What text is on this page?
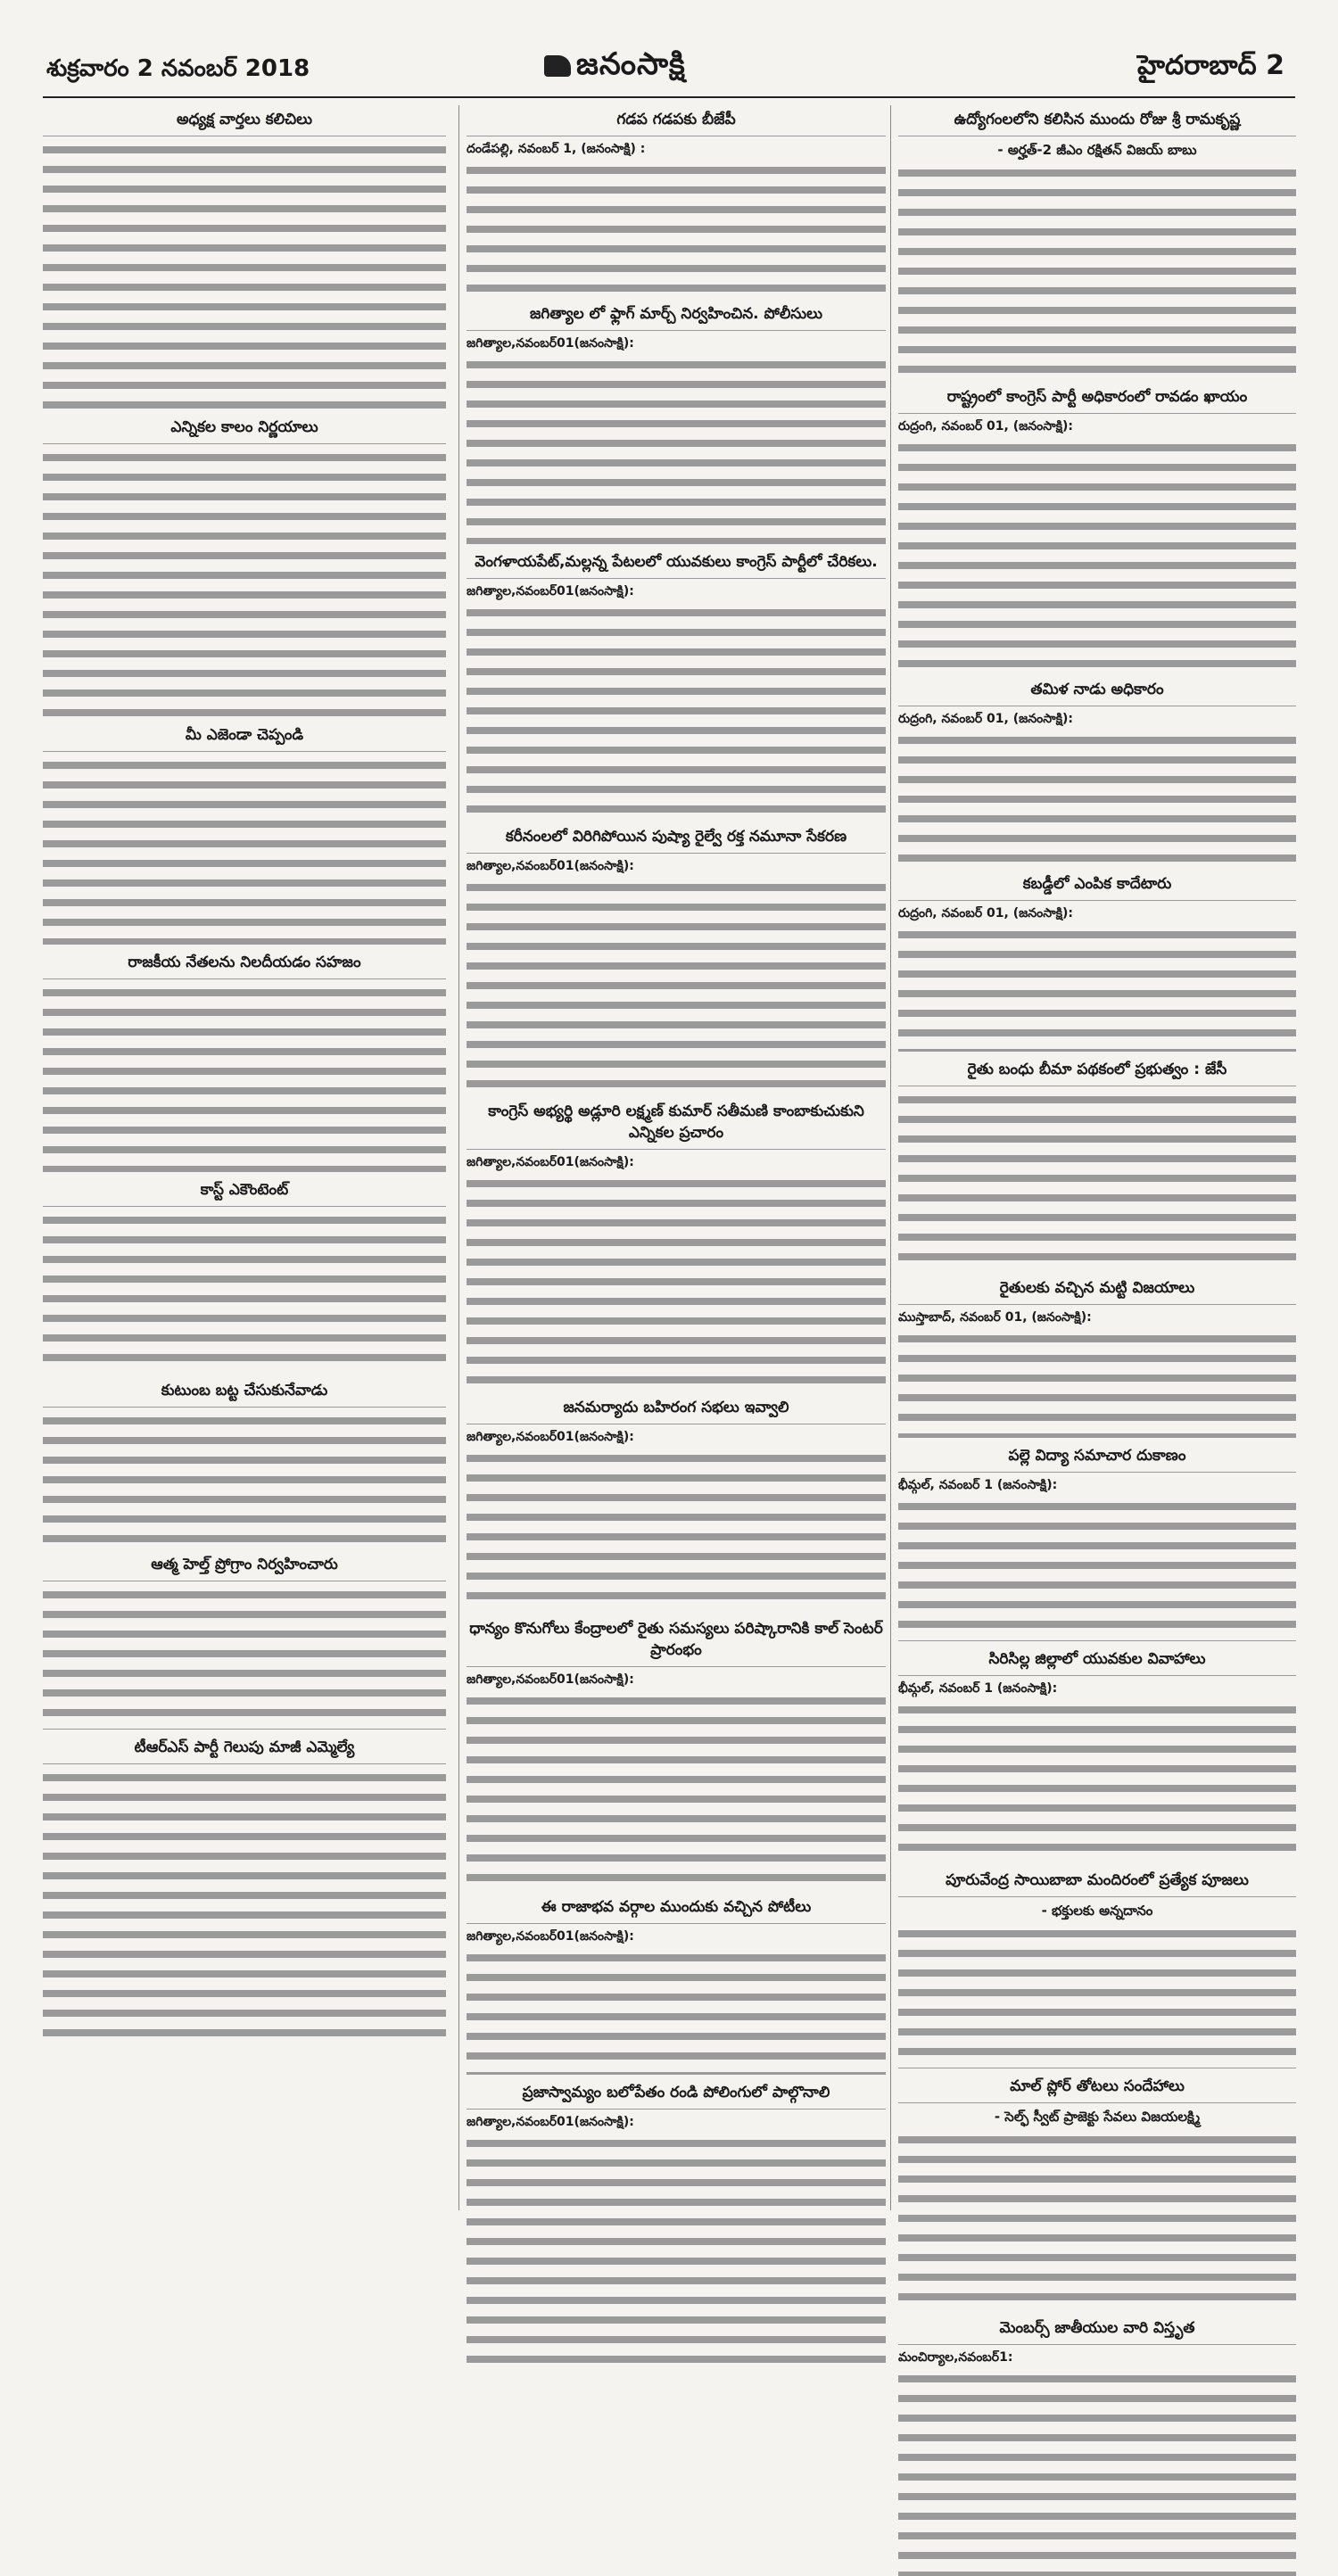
శుక్రవారం 2 నవంబర్ 2018	జనంసాక్షి	హైదరాబాద్ 2
అధ్యక్ష వార్తలు కలిచిలు
ఎన్నికల కాలం నిర్ణయాలు
మీ ఎజెండా చెప్పండి
రాజకీయ నేతలను నిలదీయడం సహజం
కాస్ట్ ఎకౌంటెంట్
కుటుంబ బట్ట చేసుకునేవాడు
ఆత్మ హెల్త్ ప్రోగ్రాం నిర్వహించారు
టీఆర్ఎస్ పార్టీ గెలుపు మాజీ ఎమ్మెల్యే
గడప గడపకు బీజేపీ
దండేపల్లి, నవంబర్ 1, (జనంసాక్షి) :
జగిత్యాల లో ఫ్లాగ్ మార్చ్ నిర్వహించిన. పోలీసులు
జగిత్యాల,నవంబర్01(జనంసాక్షి):
వెంగళాయపేట్,మల్లన్న పేటలలో యువకులు కాంగ్రెస్ పార్టీలో చేరికలు.
జగిత్యాల,నవంబర్01(జనంసాక్షి):
కరీనంలలో విరిగిపోయిన పుష్యా రైల్వే రక్త నమూనా సేకరణ
జగిత్యాల,నవంబర్01(జనంసాక్షి):
కాంగ్రెస్ అభ్యర్థి అడ్లూరి లక్ష్మణ్ కుమార్ సతీమణి కాంబాకుచుకుని ఎన్నికల ప్రచారం
జగిత్యాల,నవంబర్01(జనంసాక్షి):
జనమర్యాదు బహిరంగ సభలు ఇవ్వాలి
జగిత్యాల,నవంబర్01(జనంసాక్షి):
ధాన్యం కొనుగోలు కేంద్రాలలో రైతు సమస్యలు పరిష్కారానికి కాల్ సెంటర్ ప్రారంభం
జగిత్యాల,నవంబర్01(జనంసాక్షి):
ఈ రాజాభవ వర్గాల ముందుకు వచ్చిన పోటీలు
జగిత్యాల,నవంబర్01(జనంసాక్షి):
ప్రజాస్వామ్యం బలోపేతం రండి పోలింగులో పాల్గొనాలి
జగిత్యాల,నవంబర్01(జనంసాక్షి):
ఉద్యోగంలలోని కలిసిన ముందు రోజు శ్రీ రామకృష్ణ
- అర్హత్-2 జీఎం రక్షితన్ విజయ్ బాబు
రాష్ట్రంలో కాంగ్రెస్ పార్టీ అధికారంలో రావడం ఖాయం
రుద్రంగి, నవంబర్ 01, (జనంసాక్షి):
తమిళ నాడు అధికారం
రుద్రంగి, నవంబర్ 01, (జనంసాక్షి):
కబడ్డీలో ఎంపిక కాదేటారు
రుద్రంగి, నవంబర్ 01, (జనంసాక్షి):
రైతు బంధు బీమా పథకంలో ప్రభుత్వం : జేసీ
రైతులకు వచ్చిన మట్టి విజయాలు
ముస్తాబాద్, నవంబర్ 01, (జనంసాక్షి):
పల్లె విద్యా సమాచార దుకాణం
భీమ్గల్, నవంబర్ 1 (జనంసాక్షి):
సిరిసిల్ల జిల్లాలో యువకుల వివాహాలు
భీమ్గల్, నవంబర్ 1 (జనంసాక్షి):
పూరువేంద్ర సాయిబాబా మందిరంలో ప్రత్యేక పూజలు
- భక్తులకు అన్నదానం
మాల్ ప్లోర్ తోటలు సందేహాలు
- సెల్ఫ్ స్వీట్ ప్రాజెక్టు సేవలు విజయలక్ష్మి
మెంబర్స్ జాతీయుల వారి విస్తృత
మంచిర్యాల,నవంబర్1:
